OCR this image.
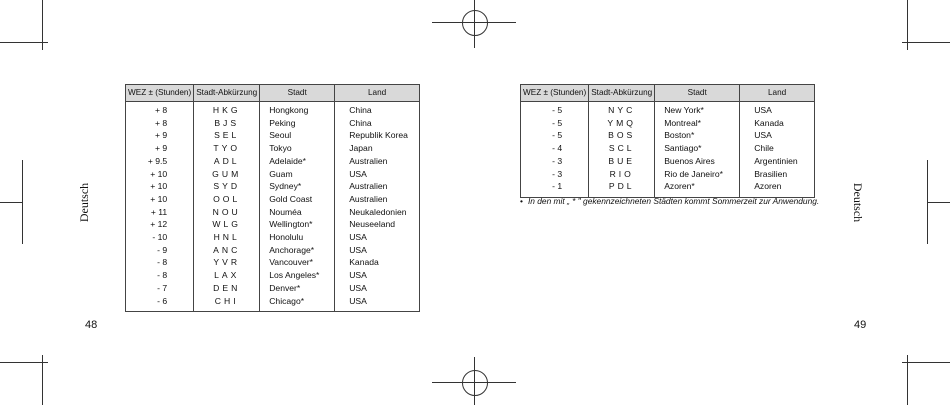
WEZ ± (Stunden)	Stadt-Abkürzung	Stadt	Land
+ 8	HKG	Hongkong	China
+ 8	BJS	Peking	China
+ 9	SEL	Seoul	Republik Korea
+ 9	TYO	Tokyo	Japan
+ 9.5	ADL	Adelaide*	Australien
+ 10	GUM	Guam	USA
+ 10	SYD	Sydney*	Australien
+ 10	OOL	Gold Coast	Australien
+ 11	NOU	Nouméa	Neukaledonien
+ 12	WLG	Wellington*	Neuseeland
- 10	HNL	Honolulu	USA
- 9	ANC	Anchorage*	USA
- 8	YVR	Vancouver*	Kanada
- 8	LAX	Los Angeles*	USA
- 7	DEN	Denver*	USA
- 6	CHI	Chicago*	USA
Deutsch
48
WEZ ± (Stunden)	Stadt-Abkürzung	Stadt	Land
- 5	NYC	New York*	USA
- 5	YMQ	Montreal*	Kanada
- 5	BOS	Boston*	USA
- 4	SCL	Santiago*	Chile
- 3	BUE	Buenos Aires	Argentinien
- 3	RIO	Rio de Janeiro*	Brasilien
- 1	PDL	Azoren*	Azoren
• In den mit „ * " gekennzeichneten Städten kommt Sommerzeit zur Anwendung.	Deutsch
49
